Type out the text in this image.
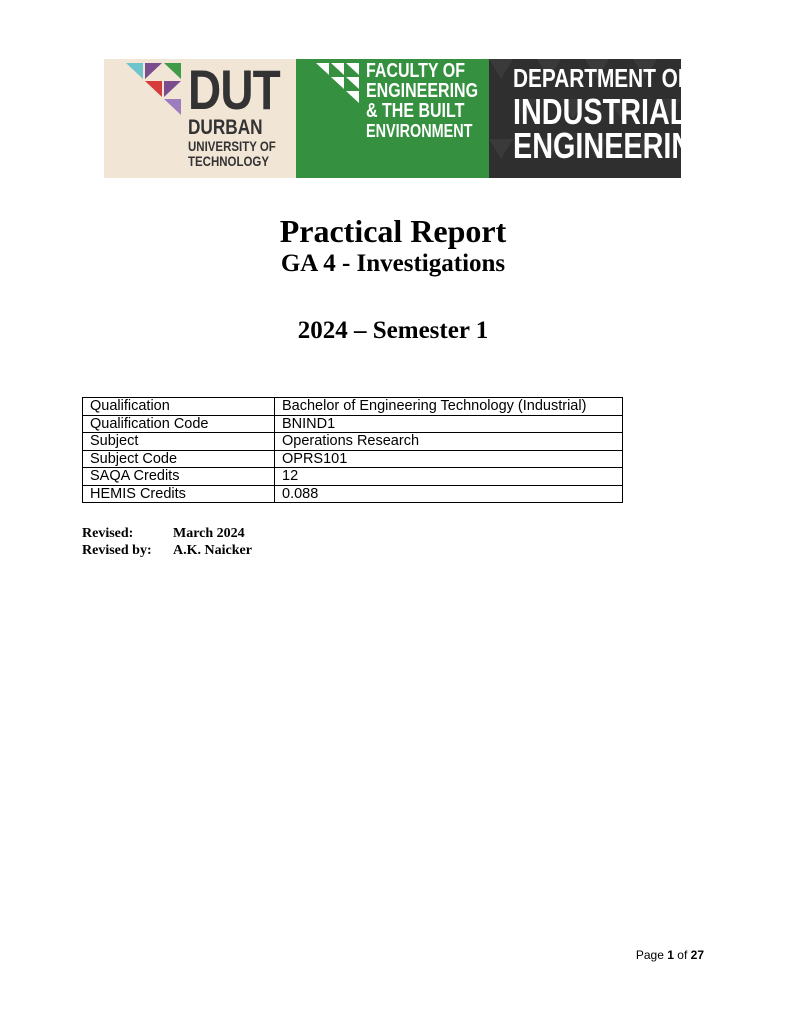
DUT
DURBAN
UNIVERSITY OF
TECHNOLOGY
FACULTY OF
ENGINEERING
& THE BUILT
ENVIRONMENT
DEPARTMENT OF
INDUSTRIAL
ENGINEERING
Practical Report
GA 4 - Investigations
2024 – Semester 1
Qualification	Bachelor of Engineering Technology (Industrial)
Qualification Code	BNIND1
Subject	Operations Research
Subject Code	OPRS101
SAQA Credits	12
HEMIS Credits	0.088
Revised:	March 2024
Revised by: A.K. Naicker
Page 1 of 27
